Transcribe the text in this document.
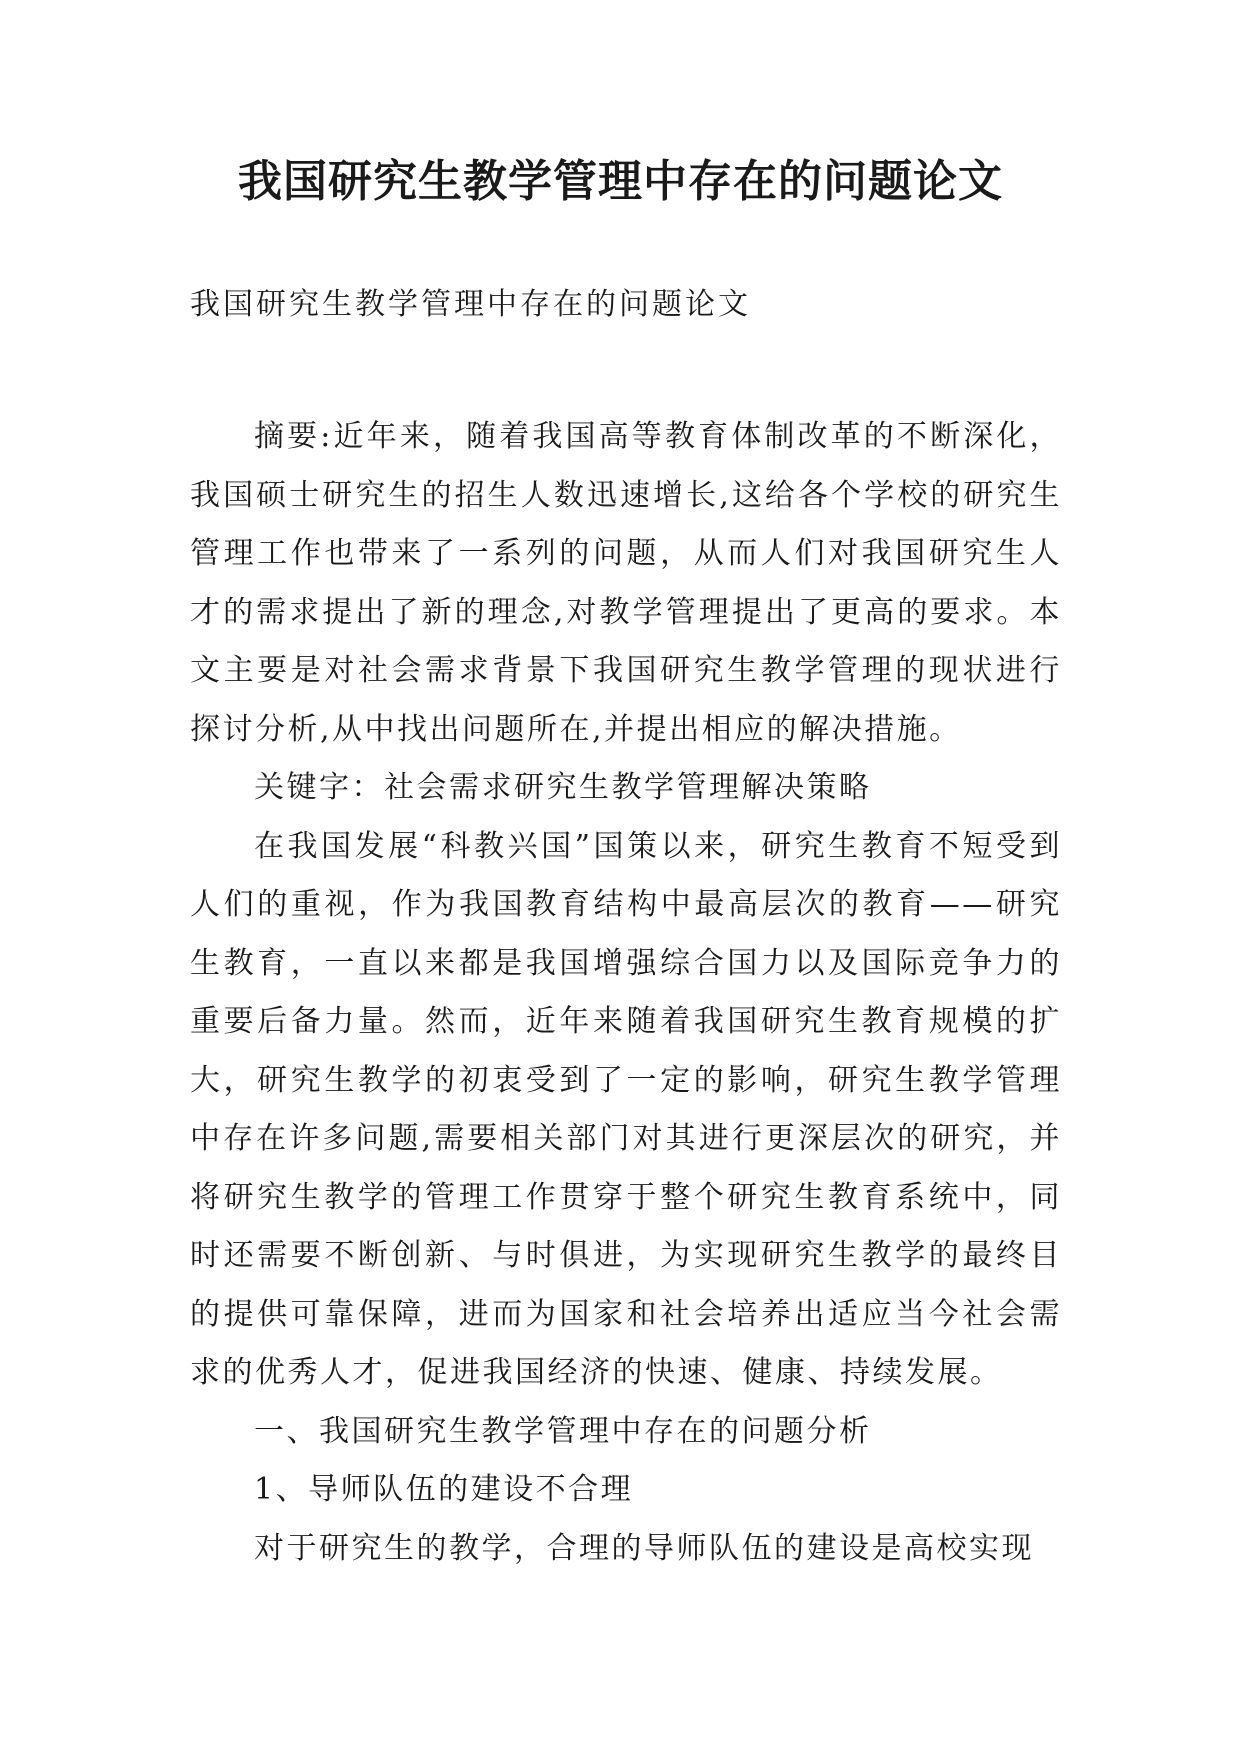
我国研究生教学管理中存在的问题论文

我国研究生教学管理中存在的问题论文

摘要:近年来，随着我国高等教育体制改革的不断深化，我国硕士研究生的招生人数迅速增长,这给各个学校的研究生管理工作也带来了一系列的问题，从而人们对我国研究生人才的需求提出了新的理念,对教学管理提出了更高的要求。本文主要是对社会需求背景下我国研究生教学管理的现状进行探讨分析,从中找出问题所在,并提出相应的解决措施。

关键字：社会需求研究生教学管理解决策略

在我国发展“科教兴国”国策以来，研究生教育不短受到人们的重视，作为我国教育结构中最高层次的教育——研究生教育，一直以来都是我国增强综合国力以及国际竞争力的重要后备力量。然而，近年来随着我国研究生教育规模的扩大，研究生教学的初衷受到了一定的影响，研究生教学管理中存在许多问题,需要相关部门对其进行更深层次的研究，并将研究生教学的管理工作贯穿于整个研究生教育系统中，同时还需要不断创新、与时俱进，为实现研究生教学的最终目的提供可靠保障，进而为国家和社会培养出适应当今社会需求的优秀人才，促进我国经济的快速、健康、持续发展。

一、我国研究生教学管理中存在的问题分析

1、导师队伍的建设不合理

对于研究生的教学，合理的导师队伍的建设是高校实现
